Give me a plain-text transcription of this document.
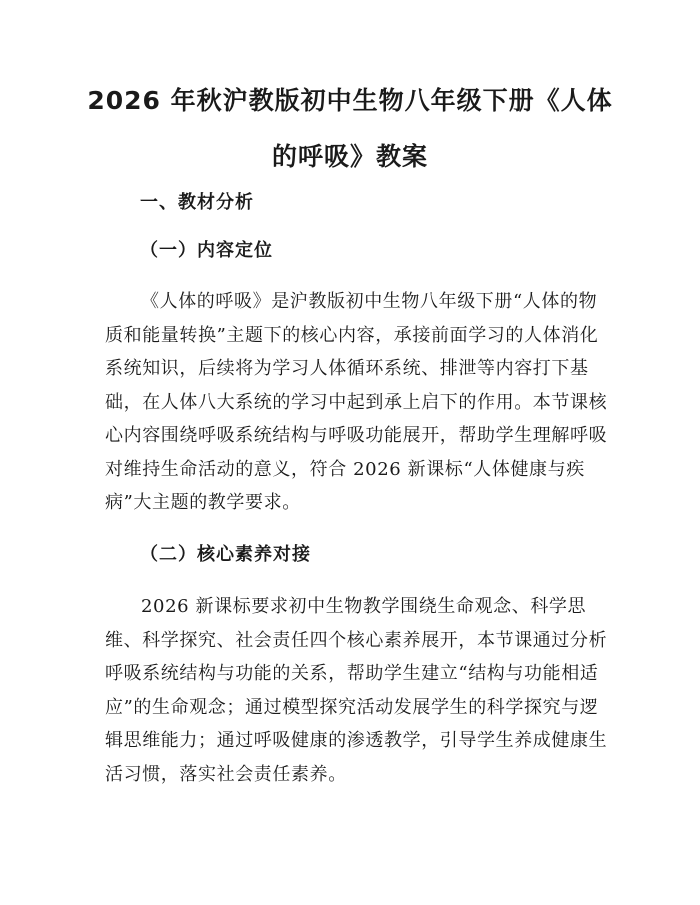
2026 年秋沪教版初中生物八年级下册《人体
的呼吸》教案
一、教材分析
（一）内容定位
《人体的呼吸》是沪教版初中生物八年级下册“人体的物
质和能量转换”主题下的核心内容，承接前面学习的人体消化
系统知识，后续将为学习人体循环系统、排泄等内容打下基
础，在人体八大系统的学习中起到承上启下的作用。本节课核
心内容围绕呼吸系统结构与呼吸功能展开，帮助学生理解呼吸
对维持生命活动的意义，符合 2026 新课标“人体健康与疾
病”大主题的教学要求。
（二）核心素养对接
2026 新课标要求初中生物教学围绕生命观念、科学思
维、科学探究、社会责任四个核心素养展开，本节课通过分析
呼吸系统结构与功能的关系，帮助学生建立“结构与功能相适
应”的生命观念；通过模型探究活动发展学生的科学探究与逻
辑思维能力；通过呼吸健康的渗透教学，引导学生养成健康生
活习惯，落实社会责任素养。
